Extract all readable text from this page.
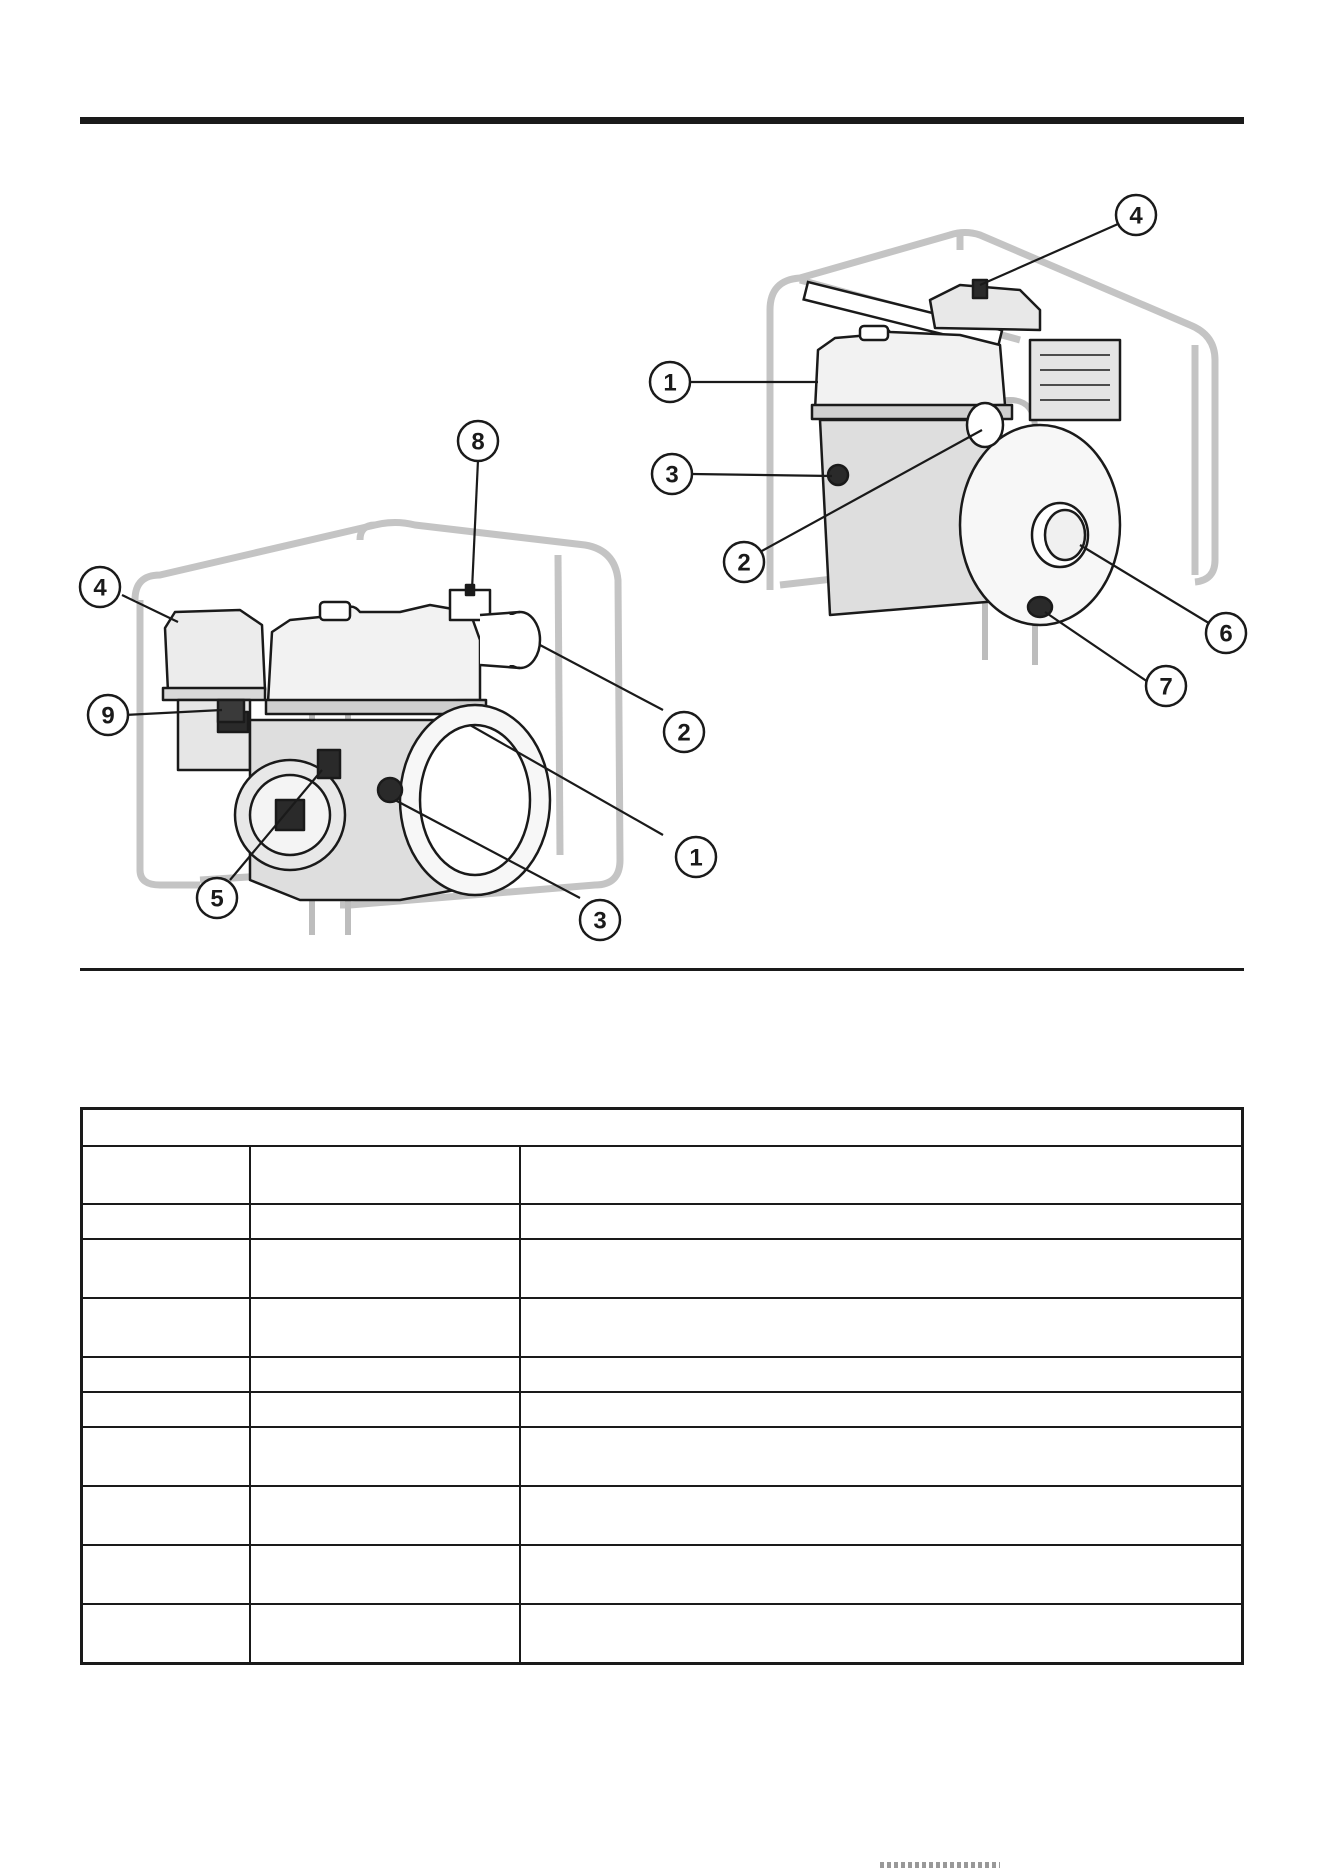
4
9
5
8
2
1
3
4
1
3
2
6
7
